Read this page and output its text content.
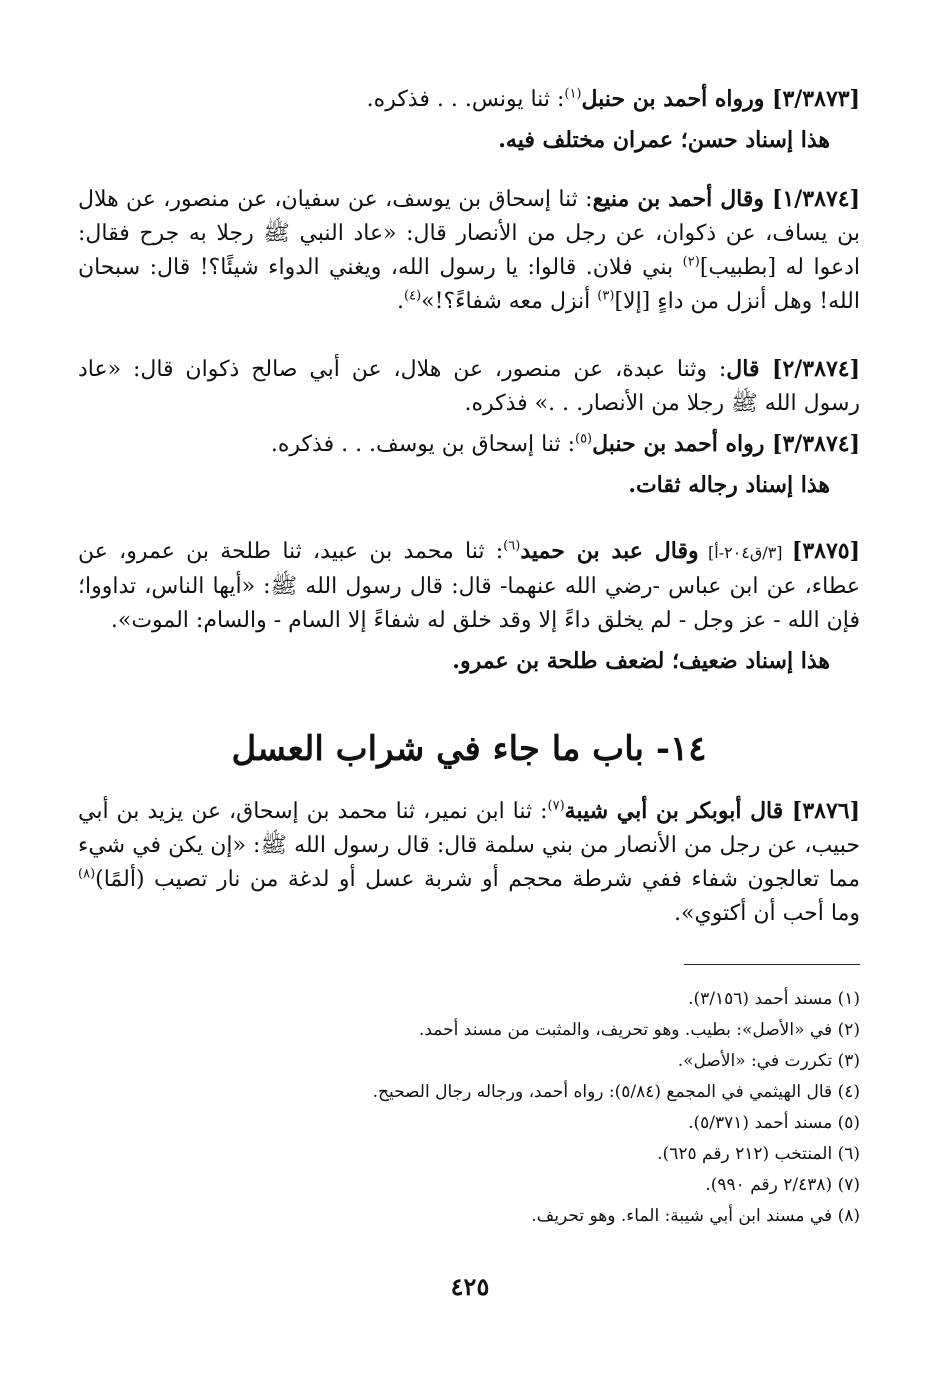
[٣/٣٨٧٣] ورواه أحمد بن حنبل$^{(١)}$: ثنا يونس. . . فذكره.

هذا إسناد حسن؛ عمران مختلف فيه.

[١/٣٨٧٤] وقال أحمد بن منيع: ثنا إسحاق بن يوسف، عن سفيان، عن منصور، عن هلال بن يساف، عن ذكوان، عن رجل من الأنصار قال: «عاد النبي ﷺ رجلا به جرح فقال: ادعوا له [بطبيب]$^{(٢)}$ بني فلان. قالوا: يا رسول الله، ويغني الدواء شيئًا؟! قال: سبحان الله! وهل أنزل من داءٍ [إلا]$^{(٣)}$ أنزل معه شفاءً؟!»$^{(٤)}$.

[٢/٣٨٧٤] قال: وثنا عبدة، عن منصور، عن هلال، عن أبي صالح ذكوان قال: «عاد رسول الله ﷺ رجلا من الأنصار. . .» فذكره.

[٣/٣٨٧٤] رواه أحمد بن حنبل$^{(٥)}$: ثنا إسحاق بن يوسف. . . فذكره.

هذا إسناد رجاله ثقات.

[٣٨٧٥] [٣/ق٢٠٤-أ] وقال عبد بن حميد$^{(٦)}$: ثنا محمد بن عبيد، ثنا طلحة بن عمرو، عن عطاء، عن ابن عباس -رضي الله عنهما- قال: قال رسول الله ﷺ: «أيها الناس، تداووا؛ فإن الله - عز وجل - لم يخلق داءً إلا وقد خلق له شفاءً إلا السام - والسام: الموت».

هذا إسناد ضعيف؛ لضعف طلحة بن عمرو.

١٤- باب ما جاء في شراب العسل

[٣٨٧٦] قال أبوبكر بن أبي شيبة$^{(٧)}$: ثنا ابن نمير، ثنا محمد بن إسحاق، عن يزيد بن أبي حبيب، عن رجل من الأنصار من بني سلمة قال: قال رسول الله ﷺ: «إن يكن في شيء مما تعالجون شفاء ففي شرطة محجم أو شربة عسل أو لدغة من نار تصيب (ألمًا)$^{(٨)}$ وما أحب أن أكتوي».

(١) مسند أحمد (٣/١٥٦).
(٢) في «الأصل»: بطيب. وهو تحريف، والمثبت من مسند أحمد.
(٣) تكررت في: «الأصل».
(٤) قال الهيثمي في المجمع (٥/٨٤): رواه أحمد، ورجاله رجال الصحيح.
(٥) مسند أحمد (٥/٣٧١).
(٦) المنتخب (٢١٢ رقم ٦٢٥).
(٧) (٢/٤٣٨ رقم ٩٩٠).
(٨) في مسند ابن أبي شيبة: الماء. وهو تحريف.
٤٢٥
